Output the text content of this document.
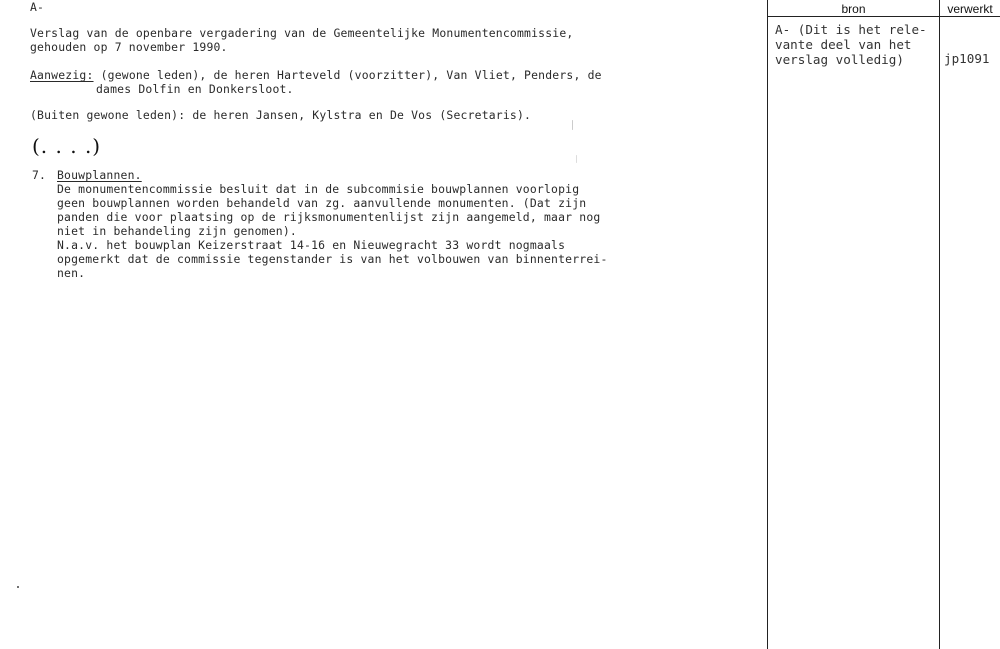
A-
Verslag van de openbare vergadering van de Gemeentelijke Monumentencommissie,
gehouden op 7 november 1990.
Aanwezig: (gewone leden), de heren Harteveld (voorzitter), Van Vliet, Penders, de
dames Dolfin en Donkersloot.
(Buiten gewone leden): de heren Jansen, Kylstra en De Vos (Secretaris).
(. . . .)
7. Bouwplannen.
De monumentencommissie besluit dat in de subcommisie bouwplannen voorlopig
geen bouwplannen worden behandeld van zg. aanvullende monumenten. (Dat zijn
panden die voor plaatsing op de rijksmonumentenlijst zijn aangemeld, maar nog
niet in behandeling zijn genomen).
N.a.v. het bouwplan Keizerstraat 14-16 en Nieuwegracht 33 wordt nogmaals
opgemerkt dat de commissie tegenstander is van het volbouwen van binnenterrei-
nen.
bron	verwerkt
A- (Dit is het rele-
vante deel van het
verslag volledig)	jp1091
